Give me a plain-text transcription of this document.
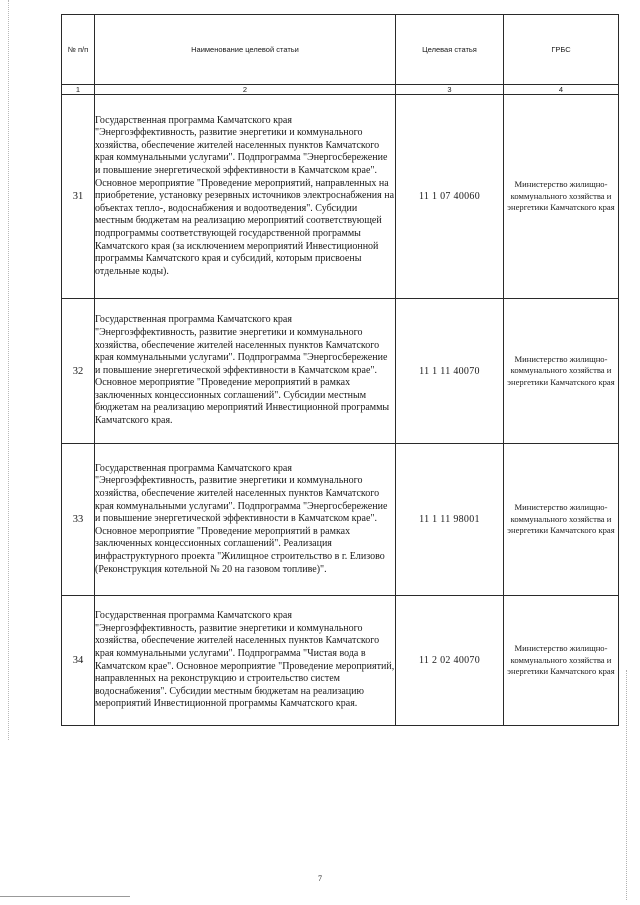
№ п/п	Наименование целевой статьи	Целевая статья	ГРБС
1	2	3	4
31	Государственная программа Камчатского края "Энергоэффективность, развитие энергетики и коммунального хозяйства, обеспечение жителей населенных пунктов Камчатского края коммунальными услугами". Подпрограмма "Энергосбережение и повышение энергетической эффективности в Камчатском крае". Основное мероприятие "Проведение мероприятий, направленных на приобретение, установку резервных источников электроснабжения на объектах тепло-, водоснабжения и водоотведения". Субсидии местным бюджетам на реализацию мероприятий соответствующей подпрограммы соответствующей государственной программы Камчатского края (за исключением мероприятий Инвестиционной программы Камчатского края и субсидий, которым присвоены отдельные коды).	11 1 07 40060	Министерство жилищно-коммунального хозяйства и энергетики Камчатского края
32	Государственная программа Камчатского края "Энергоэффективность, развитие энергетики и коммунального хозяйства, обеспечение жителей населенных пунктов Камчатского края коммунальными услугами". Подпрограмма "Энергосбережение и повышение энергетической эффективности в Камчатском крае". Основное мероприятие "Проведение мероприятий в рамках заключенных концессионных соглашений". Субсидии местным бюджетам на реализацию мероприятий Инвестиционной программы Камчатского края.	11 1 11 40070	Министерство жилищно-коммунального хозяйства и энергетики Камчатского края
33	Государственная программа Камчатского края "Энергоэффективность, развитие энергетики и коммунального хозяйства, обеспечение жителей населенных пунктов Камчатского края коммунальными услугами". Подпрограмма "Энергосбережение и повышение энергетической эффективности в Камчатском крае". Основное мероприятие "Проведение мероприятий в рамках заключенных концессионных соглашений". Реализация инфраструктурного проекта "Жилищное строительство в г. Елизово (Реконструкция котельной № 20 на газовом топливе)".	11 1 11 98001	Министерство жилищно-коммунального хозяйства и энергетики Камчатского края
34	Государственная программа Камчатского края "Энергоэффективность, развитие энергетики и коммунального хозяйства, обеспечение жителей населенных пунктов Камчатского края коммунальными услугами". Подпрограмма "Чистая вода в Камчатском крае". Основное мероприятие "Проведение мероприятий, направленных на реконструкцию и строительство систем водоснабжения". Субсидии местным бюджетам на реализацию мероприятий Инвестиционной программы Камчатского края.	11 2 02 40070	Министерство жилищно-коммунального хозяйства и энергетики Камчатского края
7
